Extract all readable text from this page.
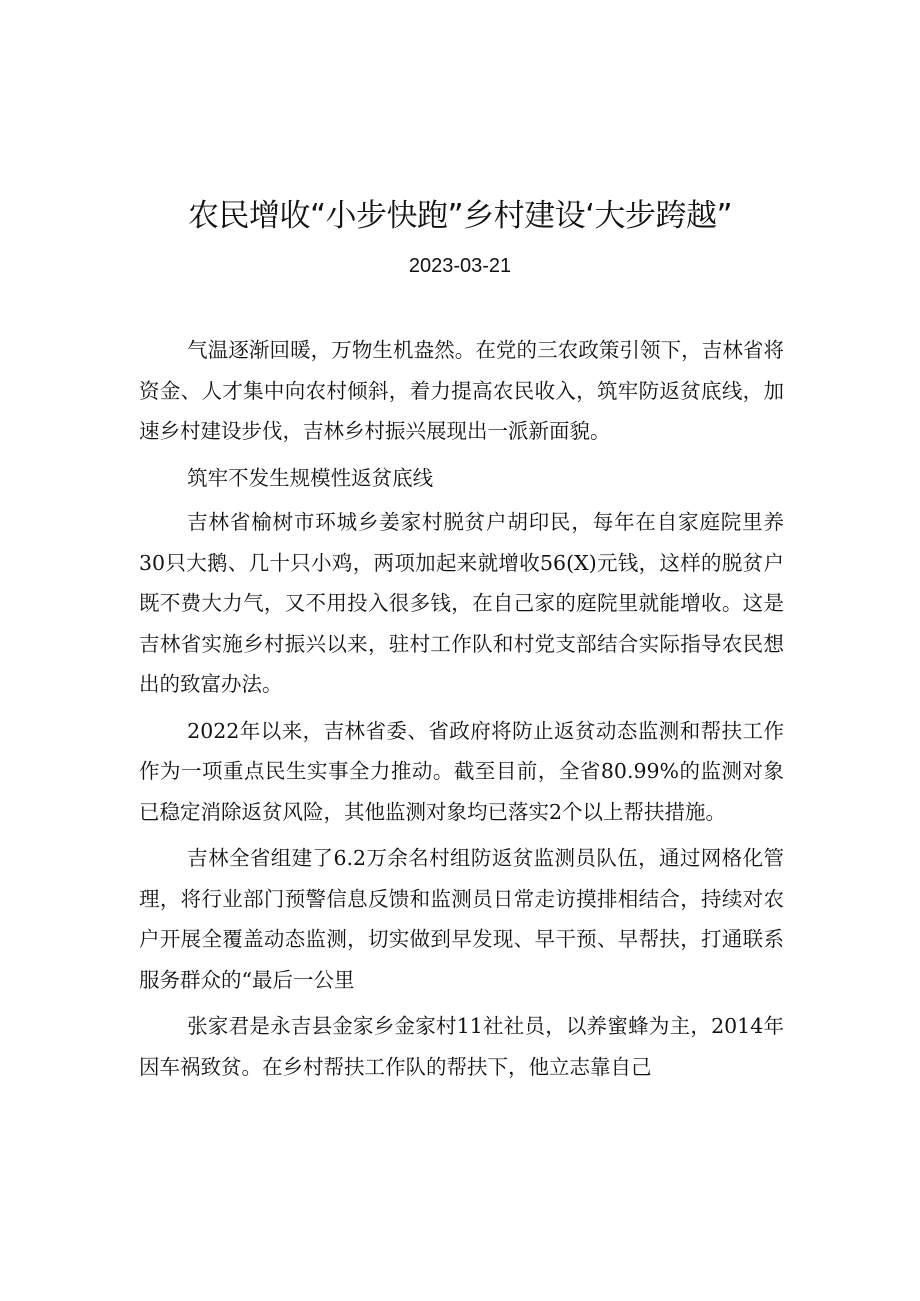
农民增收“小步快跑”乡村建设‘大步跨越”
2023-03-21

气温逐渐回暖，万物生机盎然。在党的三农政策引领下，吉林省将资金、人才集中向农村倾斜，着力提高农民收入，筑牢防返贫底线，加速乡村建设步伐，吉林乡村振兴展现出一派新面貌。

筑牢不发生规模性返贫底线

吉林省榆树市环城乡姜家村脱贫户胡印民，每年在自家庭院里养30只大鹅、几十只小鸡，两项加起来就增收56(X)元钱，这样的脱贫户既不费大力气，又不用投入很多钱，在自己家的庭院里就能增收。这是吉林省实施乡村振兴以来，驻村工作队和村党支部结合实际指导农民想出的致富办法。

2022年以来，吉林省委、省政府将防止返贫动态监测和帮扶工作作为一项重点民生实事全力推动。截至目前，全省80.99%的监测对象已稳定消除返贫风险，其他监测对象均已落实2个以上帮扶措施。

吉林全省组建了6.2万余名村组防返贫监测员队伍，通过网格化管理，将行业部门预警信息反馈和监测员日常走访摸排相结合，持续对农户开展全覆盖动态监测，切实做到早发现、早干预、早帮扶，打通联系服务群众的“最后一公里

张家君是永吉县金家乡金家村11社社员，以养蜜蜂为主，2014年因车祸致贫。在乡村帮扶工作队的帮扶下，他立志靠自己
